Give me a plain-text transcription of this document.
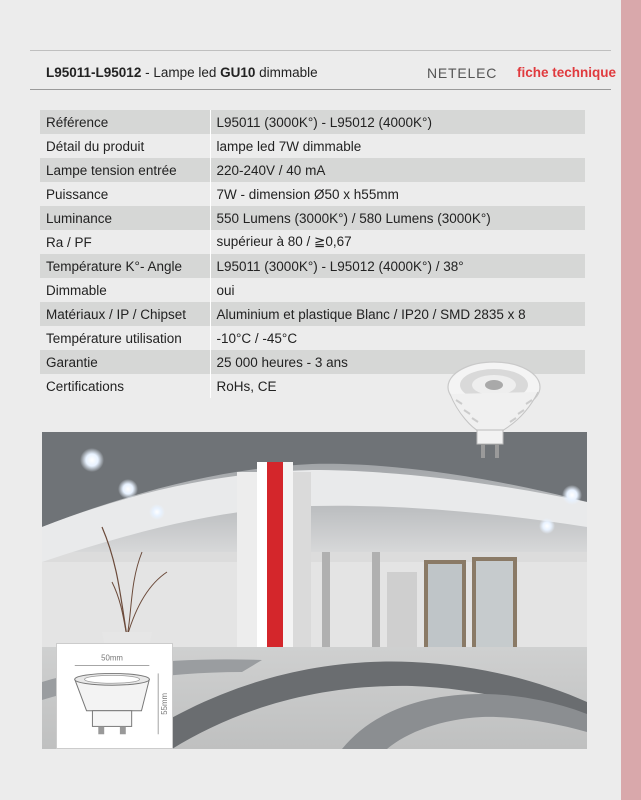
L95011-L95012 - Lampe led GU10 dimmable	NETELEC fiche technique
Référence	L95011 (3000K°) - L95012 (4000K°)
Détail du produit	lampe led 7W dimmable
Lampe tension entrée	220-240V / 40 mA
Puissance	7W - dimension Ø50 x h55mm
Luminance	550 Lumens (3000K°) / 580 Lumens (3000K°)
Ra / PF	supérieur à 80 / ≧0,67
Température K°- Angle	L95011 (3000K°) - L95012 (4000K°) / 38°
Dimmable	oui
Matériaux / IP / Chipset	Aluminium et plastique Blanc / IP20 / SMD 2835 x 8
Température utilisation	-10°C / -45°C
Garantie	25 000 heures - 3 ans
Certifications	RoHs, CE
50mm
55mm
